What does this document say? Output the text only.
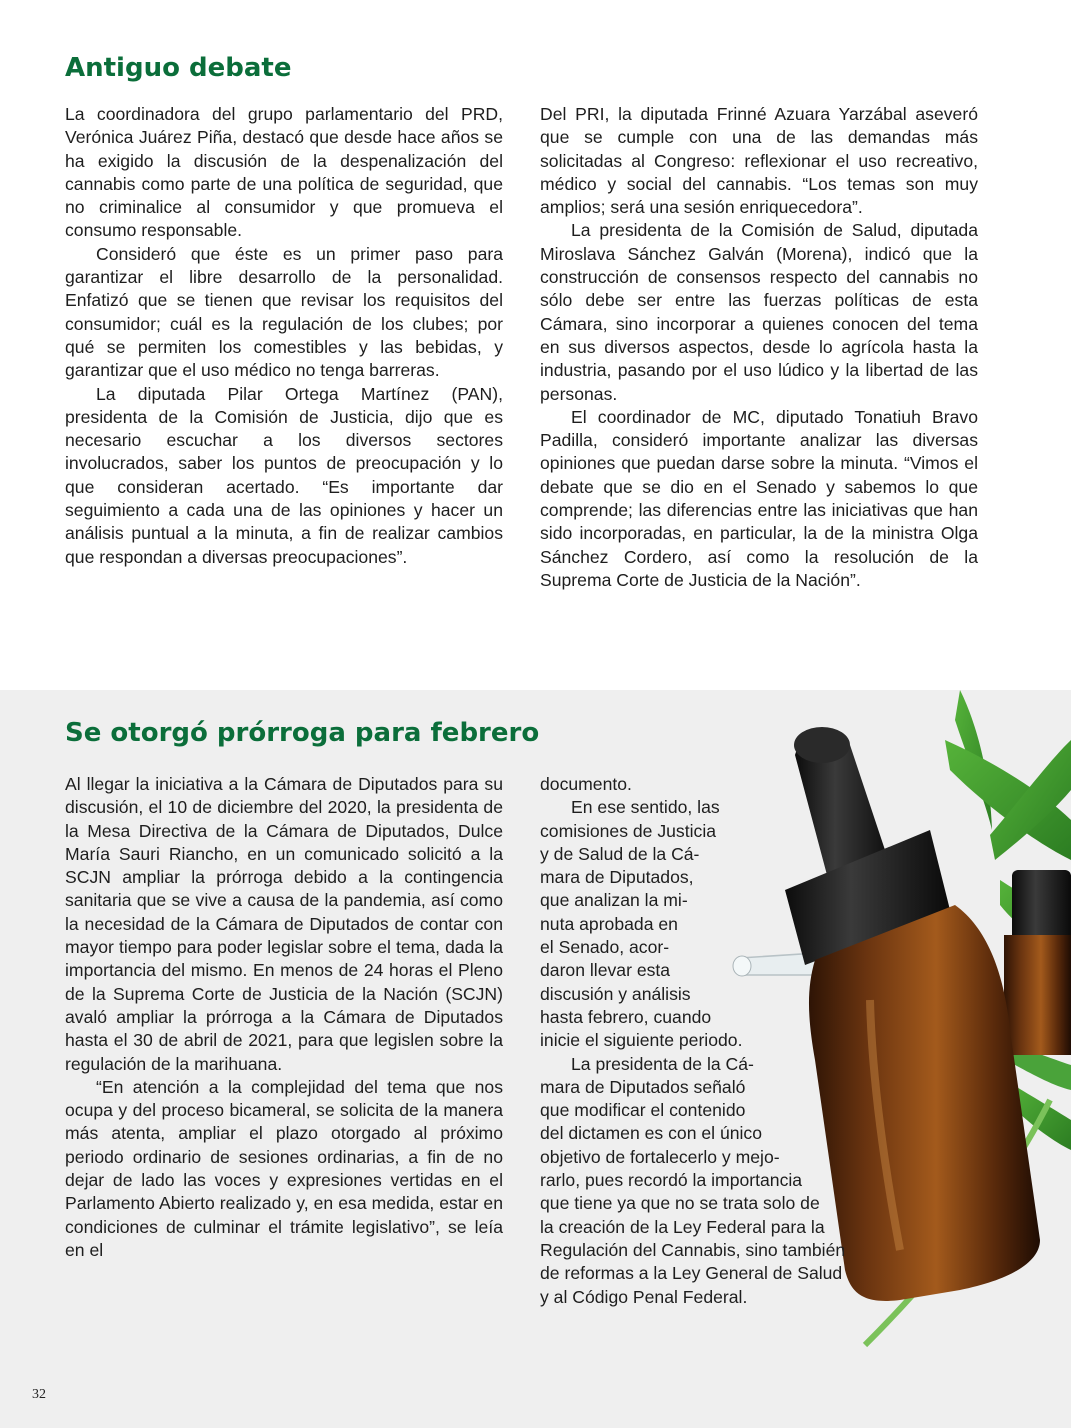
Antiguo debate

La coordinadora del grupo parlamentario del PRD, Verónica Juárez Piña, destacó que desde hace años se ha exigido la discusión de la despenalización del cannabis como parte de una política de seguridad, que no criminalice al consumidor y que promueva el consumo responsable.

Consideró que éste es un primer paso para garantizar el libre desarrollo de la personalidad. Enfatizó que se tienen que revisar los requisitos del consumidor; cuál es la regulación de los clubes; por qué se permiten los comestibles y las bebidas, y garantizar que el uso médico no tenga barreras.

La diputada Pilar Ortega Martínez (PAN), presidenta de la Comisión de Justicia, dijo que es necesario escuchar a los diversos sectores involucrados, saber los puntos de preocupación y lo que consideran acertado. “Es importante dar seguimiento a cada una de las opiniones y hacer un análisis puntual a la minuta, a fin de realizar cambios que respondan a diversas preocupaciones”.

Del PRI, la diputada Frinné Azuara Yarzábal aseveró que se cumple con una de las demandas más solicitadas al Congreso: reflexionar el uso recreativo, médico y social del cannabis. “Los temas son muy amplios; será una sesión enriquecedora”.

La presidenta de la Comisión de Salud, diputada Miroslava Sánchez Galván (Morena), indicó que la construcción de consensos respecto del cannabis no sólo debe ser entre las fuerzas políticas de esta Cámara, sino incorporar a quienes conocen del tema en sus diversos aspectos, desde lo agrícola hasta la industria, pasando por el uso lúdico y la libertad de las personas.

El coordinador de MC, diputado Tonatiuh Bravo Padilla, consideró importante analizar las diversas opiniones que puedan darse sobre la minuta. “Vimos el debate que se dio en el Senado y sabemos lo que comprende; las diferencias entre las iniciativas que han sido incorporadas, en particular, la de la ministra Olga Sánchez Cordero, así como la resolución de la Suprema Corte de Justicia de la Nación”.

Se otorgó prórroga para febrero

Al llegar la iniciativa a la Cámara de Diputados para su discusión, el 10 de diciembre del 2020, la presidenta de la Mesa Directiva de la Cámara de Diputados, Dulce María Sauri Riancho, en un comunicado solicitó a la SCJN ampliar la prórroga debido a la contingencia sanitaria que se vive a causa de la pandemia, así como la necesidad de la Cámara de Diputados de contar con mayor tiempo para poder legislar sobre el tema, dada la importancia del mismo. En menos de 24 horas el Pleno de la Suprema Corte de Justicia de la Nación (SCJN) avaló ampliar la prórroga a la Cámara de Diputados hasta el 30 de abril de 2021, para que legislen sobre la regulación de la marihuana.

“En atención a la complejidad del tema que nos ocupa y del proceso bicameral, se solicita de la manera más atenta, ampliar el plazo otorgado al próximo periodo ordinario de sesiones ordinarias, a fin de no dejar de lado las voces y expresiones vertidas en el Parlamento Abierto realizado y, en esa medida, estar en condiciones de culminar el trámite legislativo”, se leía en el

documento.
En ese sentido, las
comisiones de Justicia
y de Salud de la Cá-
mara de Diputados,
que analizan la mi-
nuta aprobada en
el Senado, acor-
daron llevar esta
discusión y análisis
hasta febrero, cuando
inicie el siguiente periodo.
La presidenta de la Cá-
mara de Diputados señaló
que modificar el contenido
del dictamen es con el único
objetivo de fortalecerlo y mejo-
rarlo, pues recordó la importancia
que tiene ya que no se trata solo de
la creación de la Ley Federal para la
Regulación del Cannabis, sino también
de reformas a la Ley General de Salud
y al Código Penal Federal.
32
